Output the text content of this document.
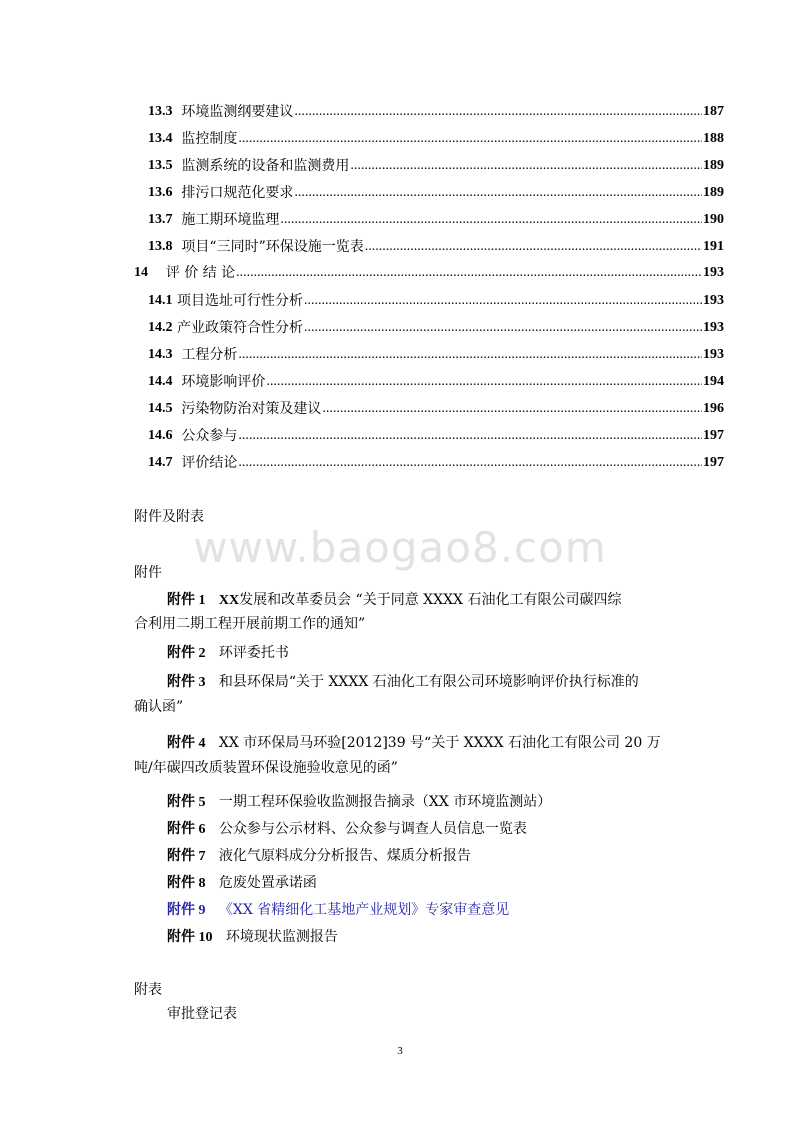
13.3 环境监测纲要建议 .....	187
13.4 监控制度 .....	188
13.5 监测系统的设备和监测费用 .....	189
13.6 排污口规范化要求 .....	189
13.7 施工期环境监理 .....	190
13.8 项目“三同时”环保设施一览表 .....	191
14	评 价 结 论 .....	193
14.1 项目选址可行性分析 .....	193
14.2 产业政策符合性分析 .....	193
14.3 工程分析 .....	193
14.4 环境影响评价 .....	194
14.5 污染物防治对策及建议 .....	196
14.6 公众参与 .....	197
14.7 评价结论 .....	197
附件及附表
www.baogao8.com
附件
附件 1 XX发展和改革委员会 “关于同意 XXXX 石油化工有限公司碳四综
合利用二期工程开展前期工作的通知”
附件 2 环评委托书
附件 3 和县环保局“关于 XXXX 石油化工有限公司环境影响评价执行标准的
确认函”
附件 4 XX 市环保局马环验[2012]39 号“关于 XXXX 石油化工有限公司 20 万
吨/年碳四改质装置环保设施验收意见的函”
附件 5 一期工程环保验收监测报告摘录（XX 市环境监测站）
附件 6 公众参与公示材料、公众参与调查人员信息一览表
附件 7 液化气原料成分分析报告、煤质分析报告
附件 8 危废处置承诺函
附件 9 《XX 省精细化工基地产业规划》专家审查意见
附件 10 环境现状监测报告
附表
审批登记表
3
